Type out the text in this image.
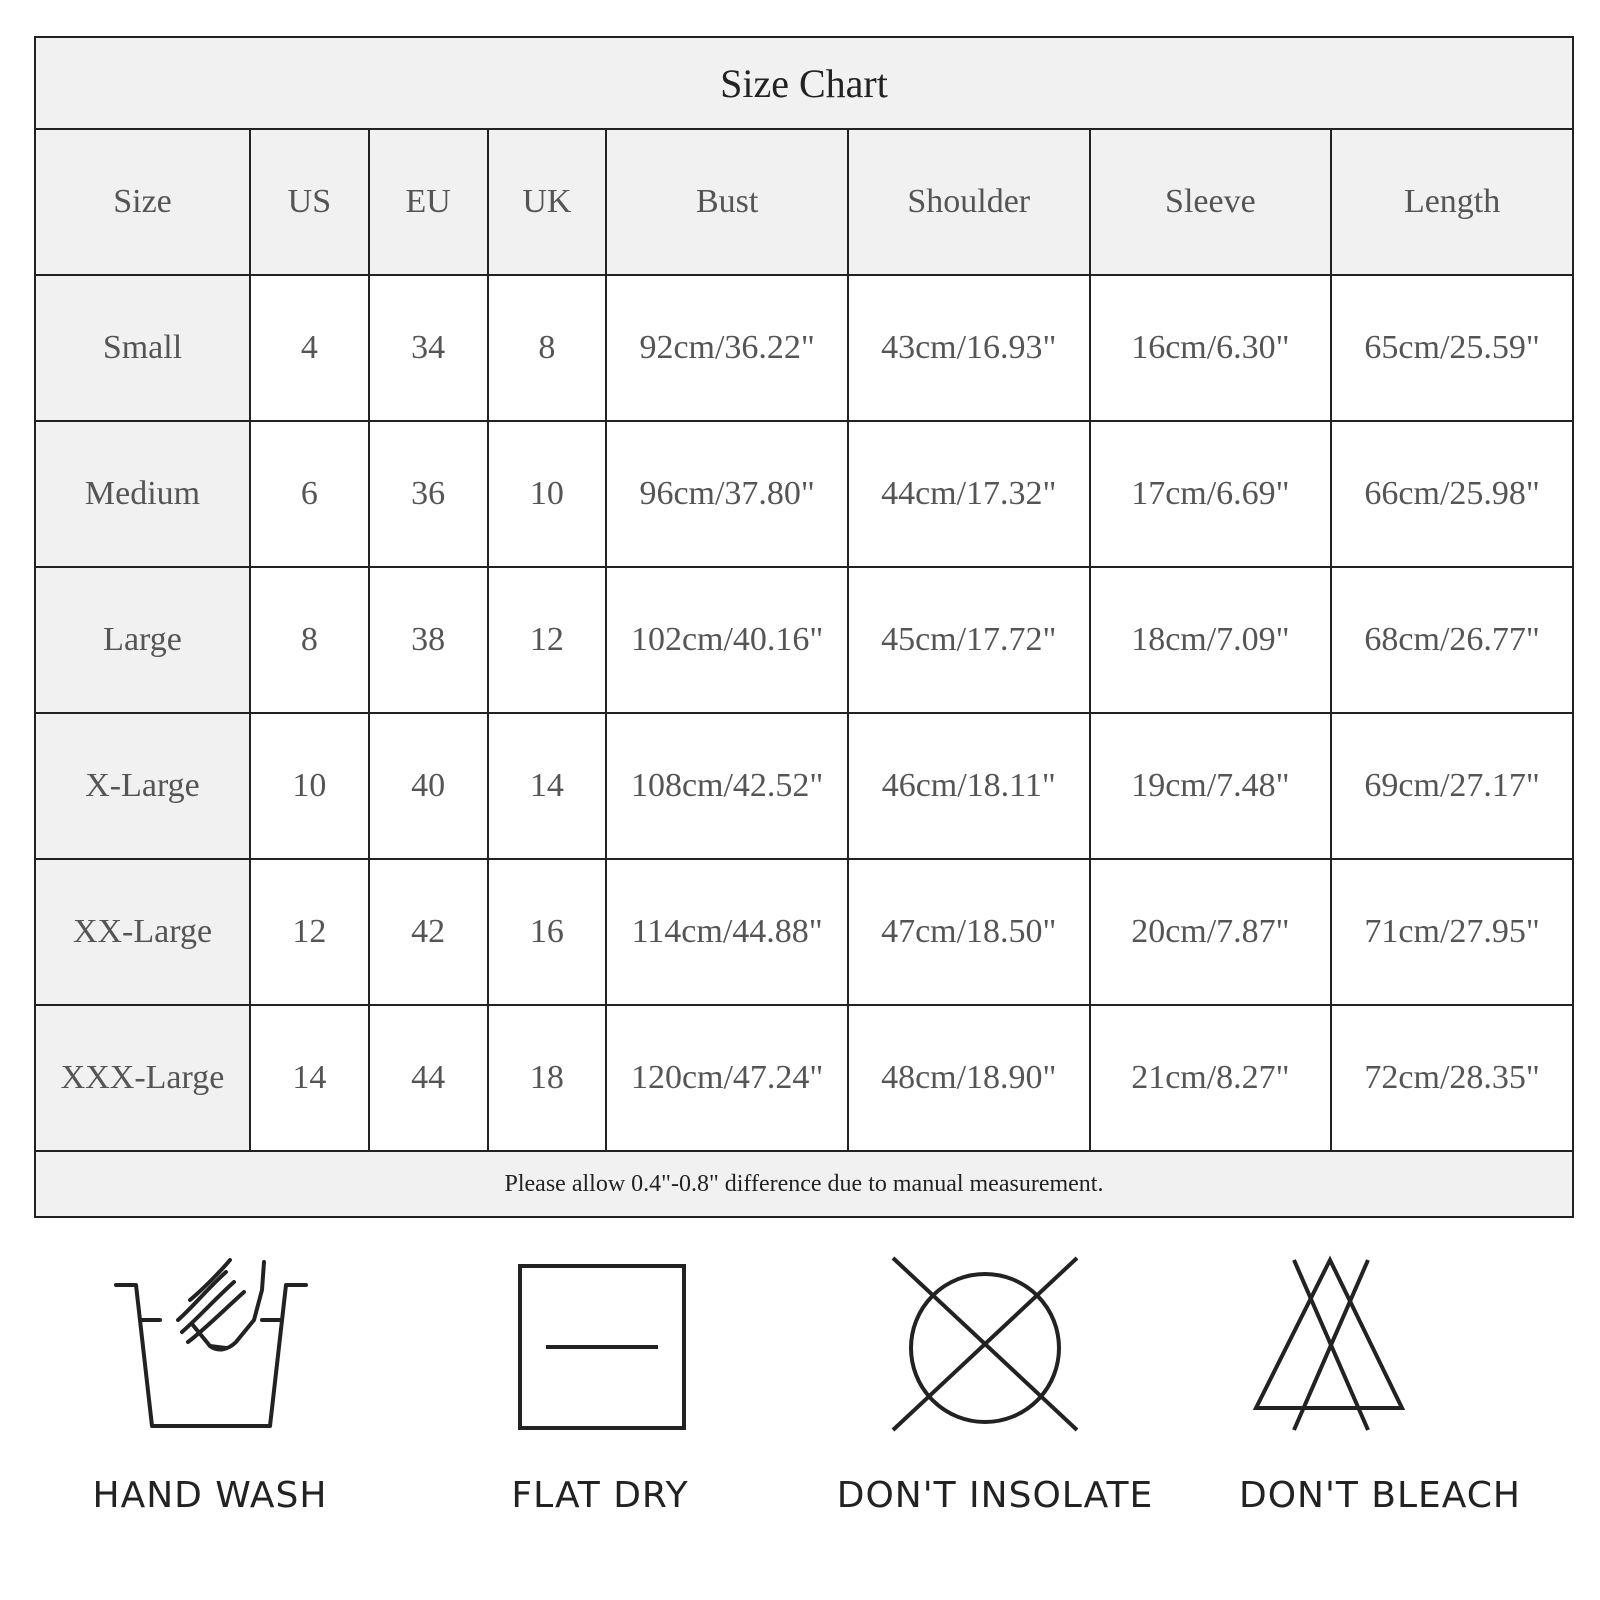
Size Chart							
Size	US	EU	UK	Bust	Shoulder	Sleeve	Length
Small	4	34	8	92cm/36.22"	43cm/16.93"	16cm/6.30"	65cm/25.59"
Medium	6	36	10	96cm/37.80"	44cm/17.32"	17cm/6.69"	66cm/25.98"
Large	8	38	12	102cm/40.16"	45cm/17.72"	18cm/7.09"	68cm/26.77"
X-Large	10	40	14	108cm/42.52"	46cm/18.11"	19cm/7.48"	69cm/27.17"
XX-Large	12	42	16	114cm/44.88"	47cm/18.50"	20cm/7.87"	71cm/27.95"
XXX-Large	14	44	18	120cm/47.24"	48cm/18.90"	21cm/8.27"	72cm/28.35"
Please allow 0.4"-0.8" difference due to manual measurement.							
HAND WASH	FLAT DRY	DON'T INSOLATE	DON'T BLEACH
